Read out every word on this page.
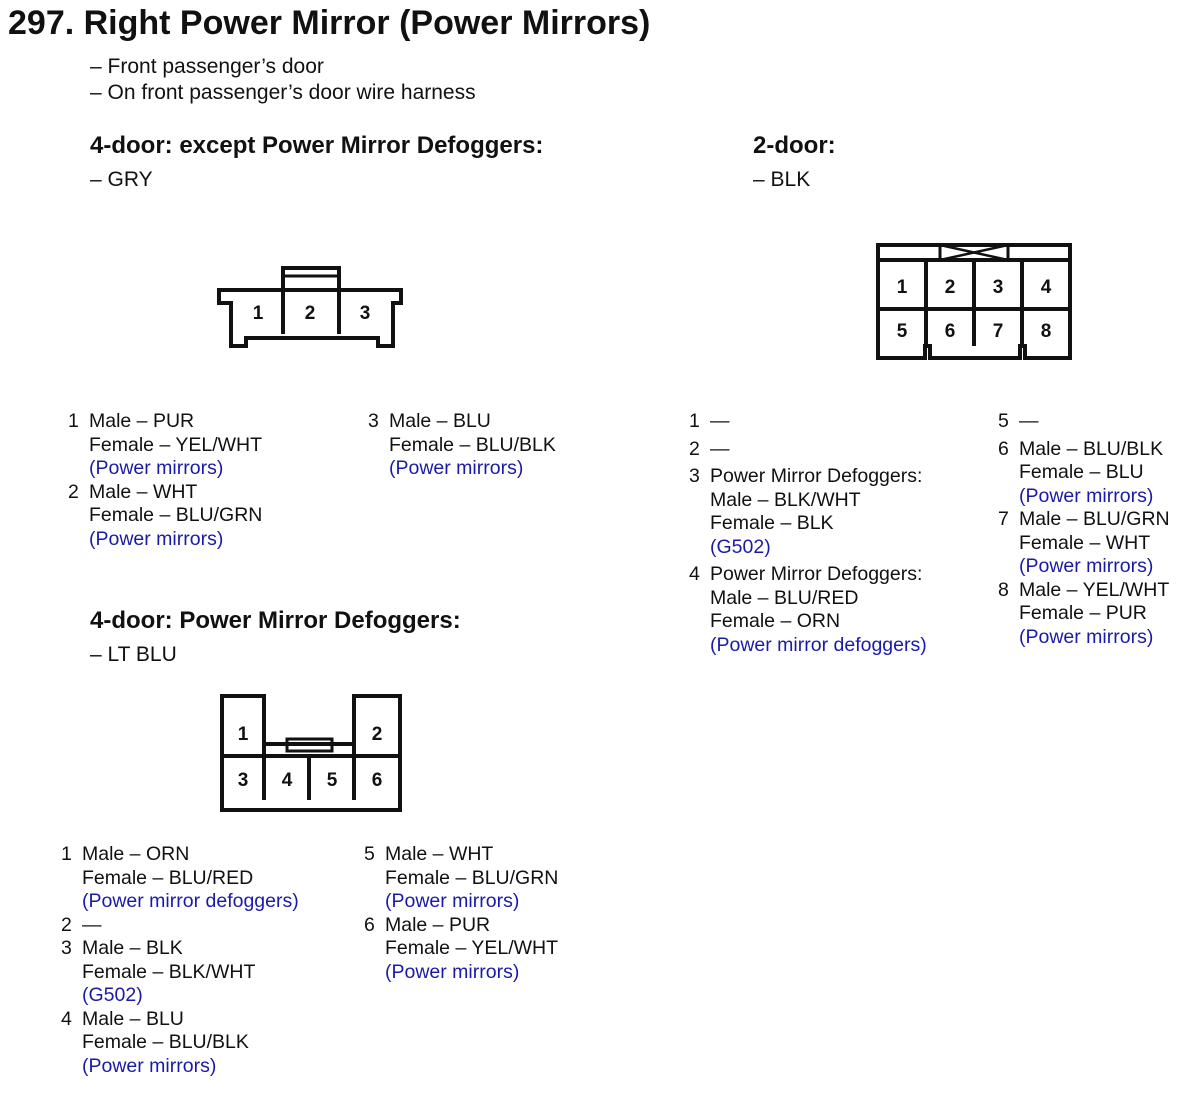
297. Right Power Mirror (Power Mirrors)
– Front passenger’s door
– On front passenger’s door wire harness
4-door: except Power Mirror Defoggers:
– GRY
1 2 3
1 Male – PUR
Female – YEL/WHT
(Power mirrors)
2 Male – WHT
Female – BLU/GRN
(Power mirrors)
3 Male – BLU
Female – BLU/BLK
(Power mirrors)
4-door: Power Mirror Defoggers:
– LT BLU
1	2
3 4 5 6
1 Male – ORN
Female – BLU/RED
(Power mirror defoggers)
2 —
3 Male – BLK
Female – BLK/WHT
(G502)
4 Male – BLU
Female – BLU/BLK
(Power mirrors)
5 Male – WHT
Female – BLU/GRN
(Power mirrors)
6 Male – PUR
Female – YEL/WHT
(Power mirrors)
2-door:
– BLK
1 2 3 4
5 6 7 8
1 —
2 —
3 Power Mirror Defoggers:
Male – BLK/WHT
Female – BLK
(G502)
4 Power Mirror Defoggers:
Male – BLU/RED
Female – ORN
(Power mirror defoggers)
5 —
6 Male – BLU/BLK
Female – BLU
(Power mirrors)
7 Male – BLU/GRN
Female – WHT
(Power mirrors)
8 Male – YEL/WHT
Female – PUR
(Power mirrors)
